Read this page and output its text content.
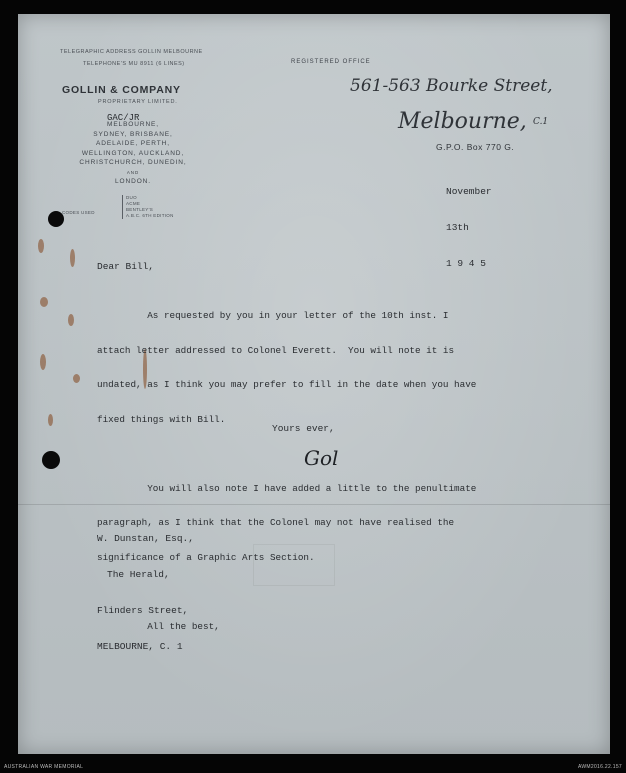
TELEGRAPHIC ADDRESS GOLLIN MELBOURNE
TELEPHONE'S MU 8911 (6 LINES)
GOLLIN & COMPANY
PROPRIETARY LIMITED.
GAC/JR
MELBOURNE,
SYDNEY, BRISBANE,
ADELAIDE, PERTH,
WELLINGTON, AUCKLAND,
CHRISTCHURCH, DUNEDIN,
AND
LONDON.
CODES USED
DUO
ACME
BENTLEY'S
A.B.C. 6TH EDITION
REGISTERED OFFICE
561-563 Bourke Street,
Melbourne, C.1
G.P.O. Box 770 G.

November

13th

1 9 4 5

Dear Bill,

As requested by you in your letter of the 10th inst. I

attach letter addressed to Colonel Everett.  You will note it is

undated, as I think you may prefer to fill in the date when you have

fixed things with Bill.

You will also note I have added a little to the penultimate

paragraph, as I think that the Colonel may not have realised the

significance of a Graphic Arts Section.

All the best,

Yours ever,
Gol

W. Dunstan, Esq.,

The Herald,

Flinders Street,

MELBOURNE, C. 1

AUSTRALIAN WAR MEMORIAL	AWM2016.22.157
